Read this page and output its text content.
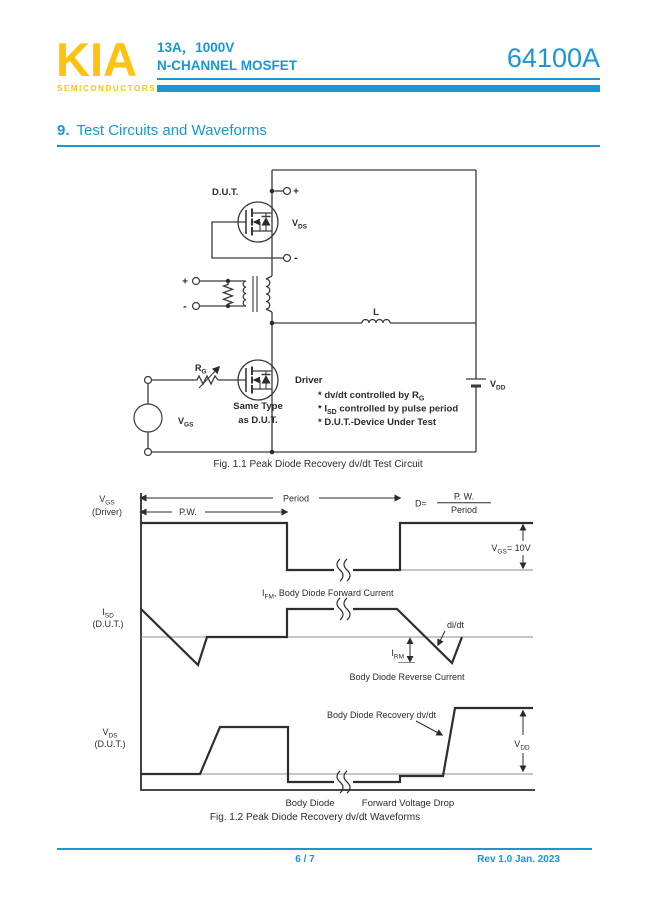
KIA
SEMICONDUCTORS
13A，1000V
N-CHANNEL MOSFET	64100A
9. Test Circuits and Waveforms
D.U.T.	+
-
$V_{DS}$
+
-	L
$V_{DD}$
$R_G$
$V_{GS}$
Driver
Same Type
as D.U.T.
* dv/dt controlled by $R_G$
* $I_{SD}$ controlled by pulse period
* D.U.T.-Device Under Test
Fig. 1.1 Peak Diode Recovery dv/dt Test Circuit
$V_{GS}$
(Driver)
Period
P.W.
D=
P. W.
Period
$V_{GS}= 10V$
$I_{SD}$
(D.U.T.)
$I_{FM}$, Body Diode Forward Current
di/dt
$I_{RM}$
Body Diode Reverse Current
$V_{DS}$
(D.U.T.)
Body Diode Recovery dv/dt
$V_{DD}$
Body Diode	Forward Voltage Drop
Fig. 1.2 Peak Diode Recovery dv/dt Waveforms
6 / 7	Rev 1.0 Jan. 2023
